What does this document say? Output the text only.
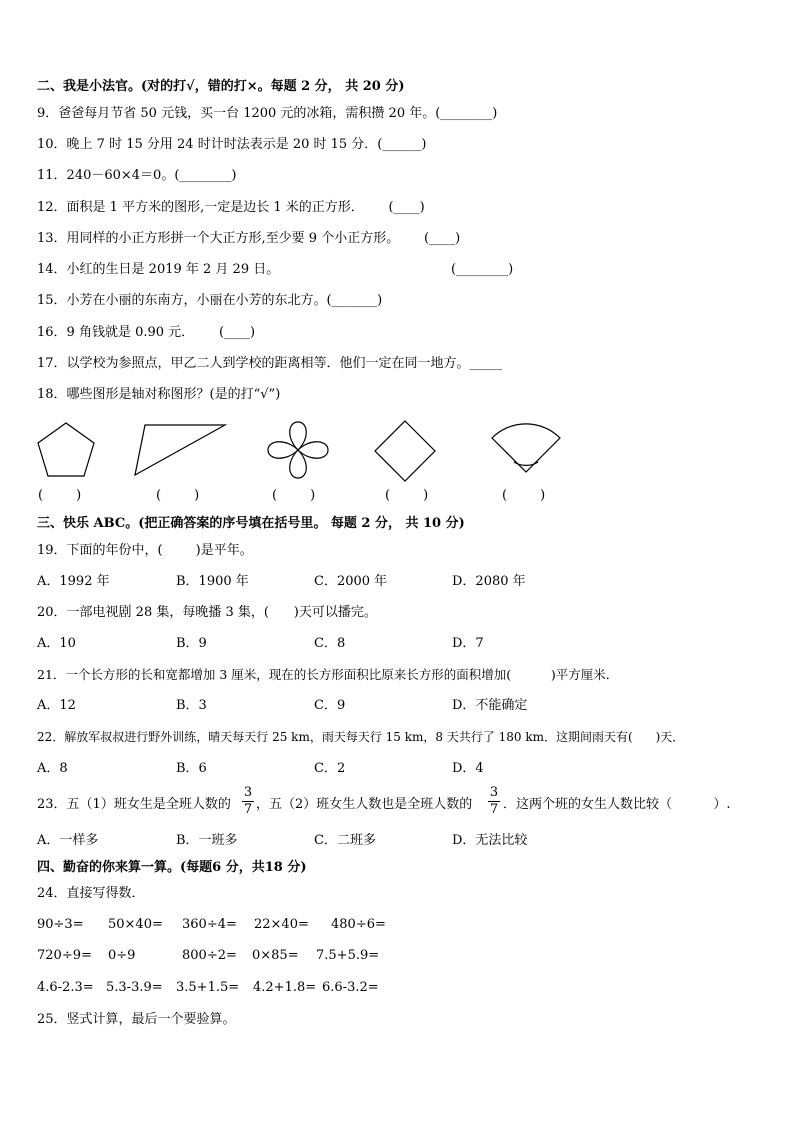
二、我是小法官。(对的打√，错的打×。每题 2 分， 共 20 分)
9．爸爸每月节省 50 元钱，买一台 1200 元的冰箱，需积攒 20 年。(________)
10．晚上 7 时 15 分用 24 时计时法表示是 20 时 15 分．(______)
11．240－60×4＝0。(________)
12．面积是 1 平方米的图形,一定是边长 1 米的正方形．      (____)
13．用同样的小正方形拼一个大正方形,至少要 9 个小正方形。      (____)
14．小红的生日是 2019 年 2 月 29 日。	(________)
15．小芳在小丽的东南方，小丽在小芳的东北方。(_______)
16．9 角钱就是 0.90 元．      (____)
17．以学校为参照点，甲乙二人到学校的距离相等．他们一定在同一地方。_____
18．哪些图形是轴对称图形？(是的打“√”)
(        )	(        )	(        )	(        )	(        )
三、快乐 ABC。(把正确答案的序号填在括号里。 每题 2 分， 共 10 分)
19．下面的年份中，(        )是平年。
A．1992 年	B．1900 年	C．2000 年	D．2080 年
20．一部电视剧 28 集，每晚播 3 集，(      )天可以播完。
A．10	B．9	C．8	D．7
21．一个长方形的长和宽都增加 3 厘米，现在的长方形面积比原来长方形的面积增加(          )平方厘米．
A．12	B．3	C．9	D．不能确定
22．解放军叔叔进行野外训练，晴天每天行 25 km，雨天每天行 15 km，8 天共行了 180 km．这期间雨天有(      )天．
A．8	B．6	C．2	D．4
23．五（1）班女生是全班人数的
3
7 ，五（2）班女生人数也是全班人数的
3
7 ．这两个班的女生人数比较（          ）.
A．一样多	B．一班多	C．二班多	D．无法比较
四、勤奋的你来算一算。(每题6 分，共18 分)
24．直接写得数．
90÷3= 50×40= 360÷4= 22×40= 480÷6=
720÷9= 0÷9	800÷2= 0×85= 7.5+5.9=
4.6-2.3= 5.3-3.9= 3.5+1.5= 4.2+1.8= 6.6-3.2=
25．竖式计算，最后一个要验算。
